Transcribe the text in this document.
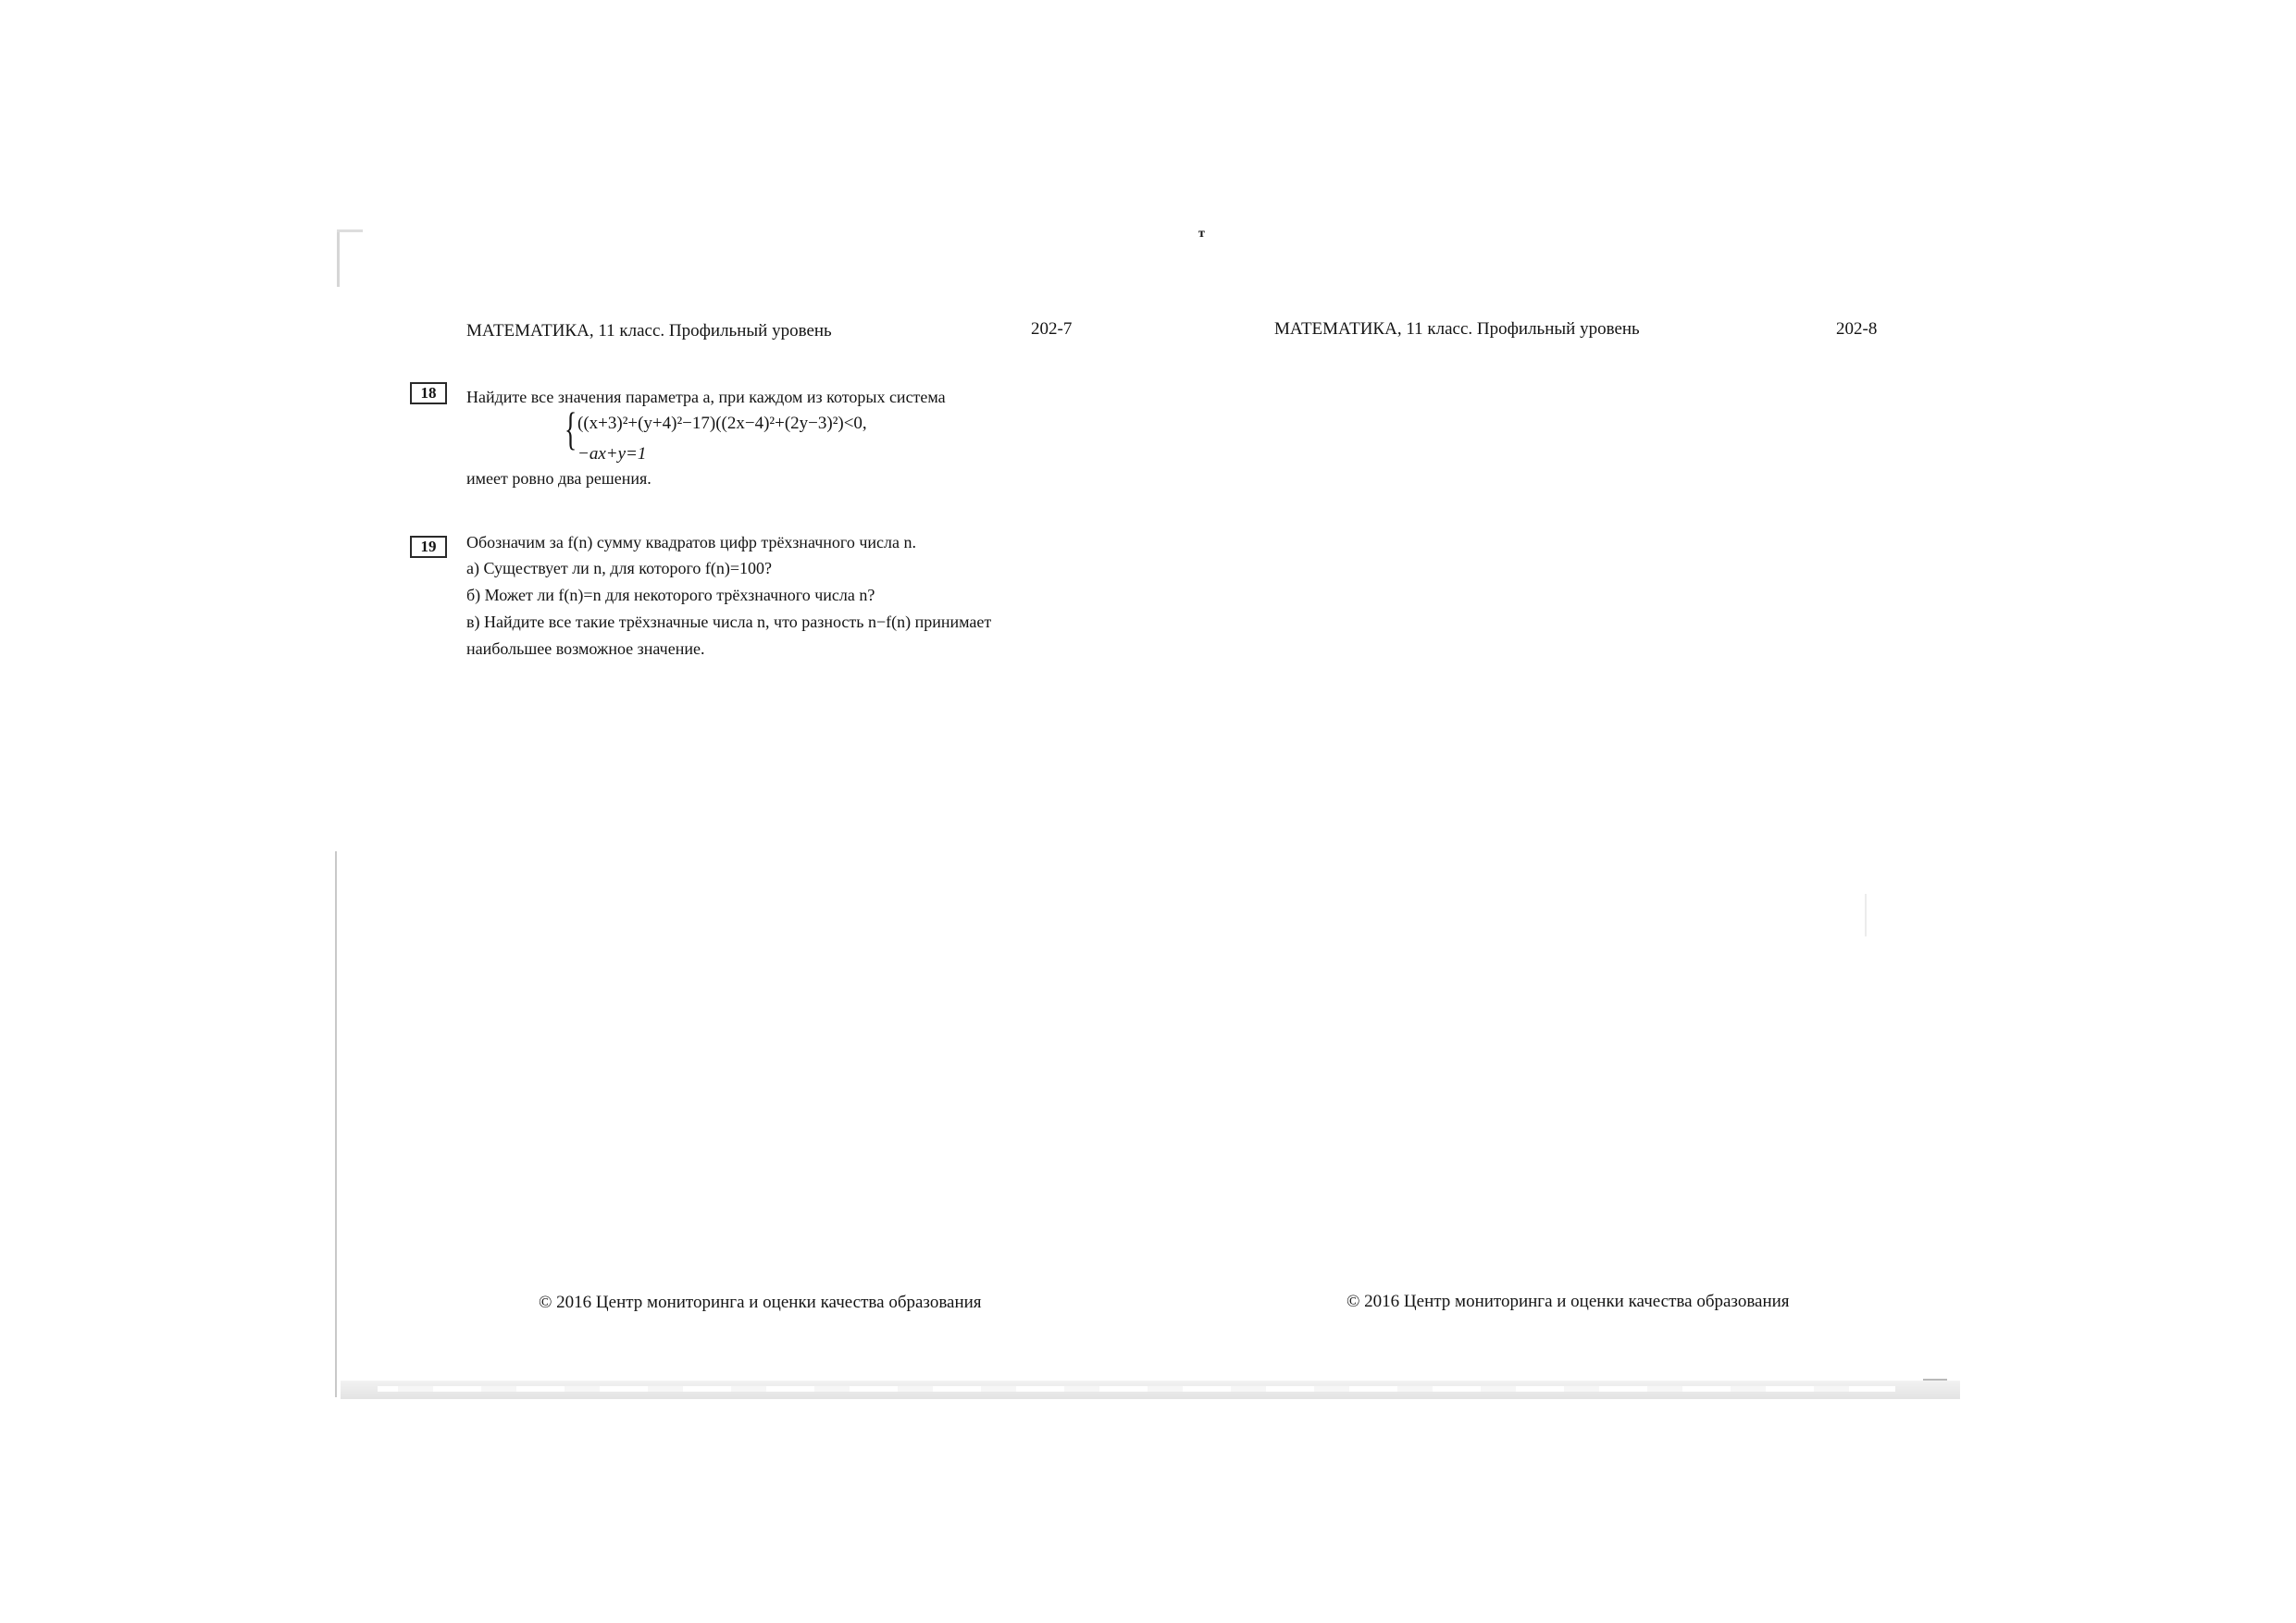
т
МАТЕМАТИКА, 11 класс. Профильный уровень	202-7
18	Найдите все значения параметра a, при каждом из которых система
{ ((x+3)²+(y+4)²−17)((2x−4)²+(2y−3)²)<0,
−ax+y=1
имеет ровно два решения.
19	Обозначим за f(n) сумму квадратов цифр трёхзначного числа n.
а) Существует ли n, для которого f(n)=100?
б) Может ли f(n)=n для некоторого трёхзначного числа n?
в) Найдите все такие трёхзначные числа n, что разность n−f(n) принимает
наибольшее возможное значение.
© 2016 Центр мониторинга и оценки качества образования
МАТЕМАТИКА, 11 класс. Профильный уровень	202-8
© 2016 Центр мониторинга и оценки качества образования
